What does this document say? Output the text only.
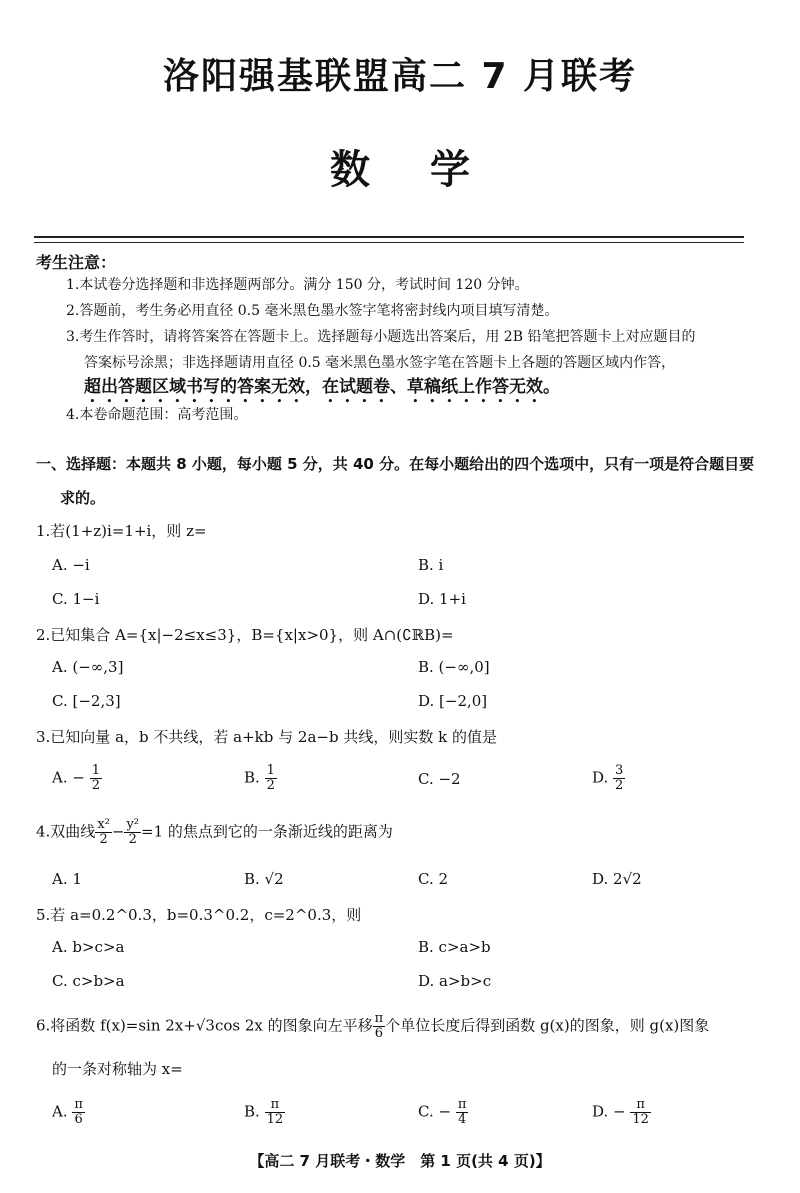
洛阳强基联盟高二 7 月联考
数学
考生注意：
1.本试卷分选择题和非选择题两部分。满分 150 分，考试时间 120 分钟。
2.答题前，考生务必用直径 0.5 毫米黑色墨水签字笔将密封线内项目填写清楚。
3.考生作答时，请将答案答在答题卡上。选择题每小题选出答案后，用 2B 铅笔把答题卡上对应题目的
答案标号涂黑；非选择题请用直径 0.5 毫米黑色墨水签字笔在答题卡上各题的答题区域内作答，
超出答题区域书写的答案无效，在试题卷、草稿纸上作答无效。
4.本卷命题范围：高考范围。
一、选择题：本题共 8 小题，每小题 5 分，共 40 分。在每小题给出的四个选项中，只有一项是符合题目要
求的。
1.若(1+z)i=1+i，则 z=
A. −i	B. i
C. 1−i	D. 1+i
2.已知集合 A={x|−2≤x≤3}，B={x|x>0}，则 A∩(∁ℝB)=
A. (−∞,3]	B. (−∞,0]
C. [−2,3]	D. [−2,0]
3.已知向量 a，b 不共线，若 a+kb 与 2a−b 共线，则实数 k 的值是
A. − $\frac{1}{2}$	B. $\frac{1}{2}$	C. −2	D. $\frac{3}{2}$
4.双曲线 $\frac{\text{x²}}{2} - \frac{\text{y²}}{2} =1$ 的焦点到它的一条渐近线的距离为
A. 1	B. √2	C. 2	D. 2√2
5.若 a=0.2^0.3，b=0.3^0.2，c=2^0.3，则
A. b>c>a	B. c>a>b
C. c>b>a	D. a>b>c
6.将函数 f(x)=sin 2x+√3cos 2x 的图象向左平移 $\frac{\pi}{6}$ 个单位长度后得到函数 g(x)的图象，则 g(x)图象
的一条对称轴为 x=
A. $\frac{\pi}{6}$	B. $\frac{\pi}{12}$	C. − $\frac{\pi}{4}$	D. − $\frac{\pi}{12}$
【高二 7 月联考・数学　第 1 页(共 4 页)】
